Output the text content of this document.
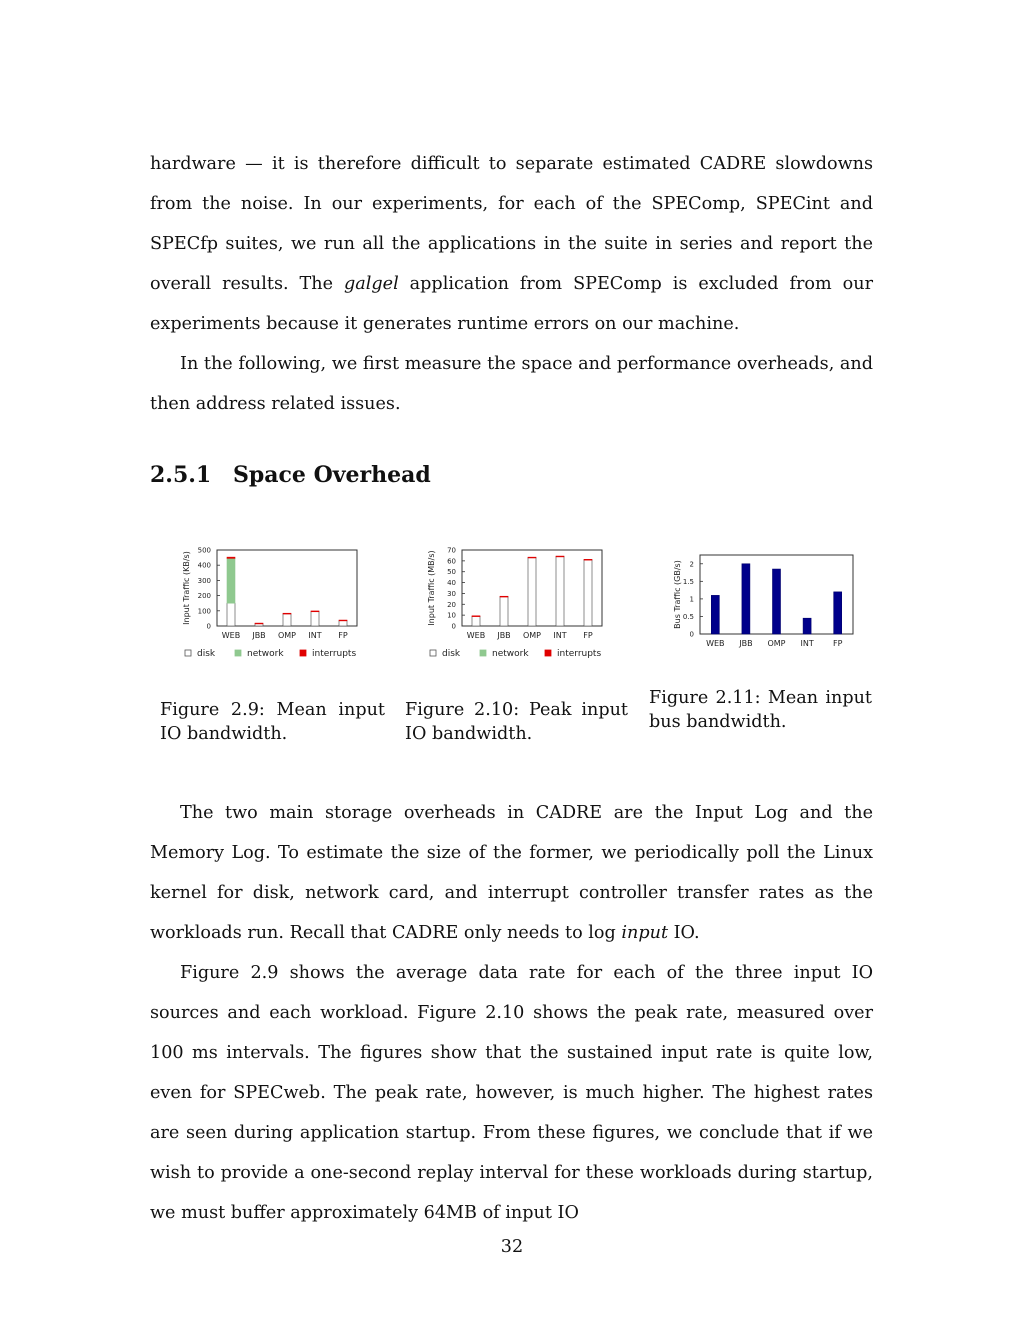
hardware — it is therefore difficult to separate estimated CADRE slowdowns from the noise. In our experiments, for each of the SPEComp, SPECint and SPECfp suites, we run all the applications in the suite in series and report the overall results. The galgel application from SPEComp is excluded from our experiments because it generates runtime errors on our machine.

In the following, we first measure the space and performance overheads, and then address related issues.

2.5.1 Space Overhead
0
100
200
300
400
500
Input Traffic (KB/s)
WEB JBB OMP INT FP
disk	network	interrupts

Figure 2.9: Mean input IO bandwidth.

0
10
20
30
40
50
60
70
Input Traffic (MB/s)
WEB JBB OMP INT FP
disk	network	interrupts

Figure 2.10: Peak input IO bandwidth.

0
0.5
1
1.5
2
Bus Traffic (GB/s)
WEB JBB OMP INT FP

Figure 2.11: Mean input bus bandwidth.

The two main storage overheads in CADRE are the Input Log and the Memory Log. To estimate the size of the former, we periodically poll the Linux kernel for disk, network card, and interrupt controller transfer rates as the workloads run. Recall that CADRE only needs to log input IO.

Figure 2.9 shows the average data rate for each of the three input IO sources and each workload. Figure 2.10 shows the peak rate, measured over 100 ms intervals. The figures show that the sustained input rate is quite low, even for SPECweb. The peak rate, however, is much higher. The highest rates are seen during application startup. From these figures, we conclude that if we wish to provide a one-second replay interval for these workloads during startup, we must buffer approximately 64MB of input IO

32
